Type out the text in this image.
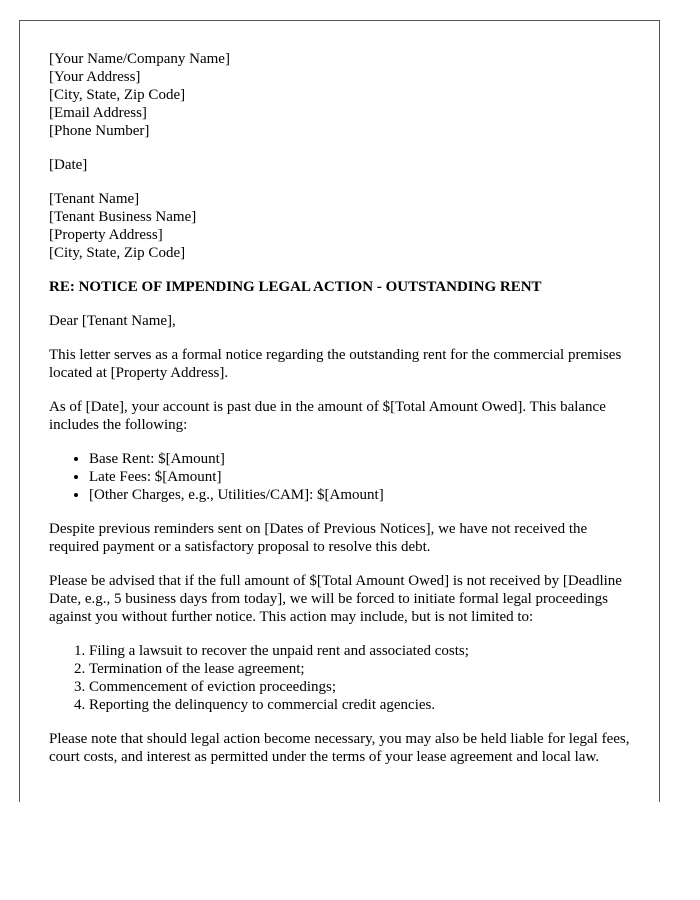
[Your Name/Company Name]
[Your Address]
[City, State, Zip Code]
[Email Address]
[Phone Number]
[Date]
[Tenant Name]
[Tenant Business Name]
[Property Address]
[City, State, Zip Code]
RE: NOTICE OF IMPENDING LEGAL ACTION - OUTSTANDING RENT

Dear [Tenant Name],

This letter serves as a formal notice regarding the outstanding rent for the commercial premises located at [Property Address].

As of [Date], your account is past due in the amount of $[Total Amount Owed]. This balance includes the following:

• Base Rent: $[Amount]
• Late Fees: $[Amount]
• [Other Charges, e.g., Utilities/CAM]: $[Amount]

Despite previous reminders sent on [Dates of Previous Notices], we have not received the required payment or a satisfactory proposal to resolve this debt.

Please be advised that if the full amount of $[Total Amount Owed] is not received by [Deadline Date, e.g., 5 business days from today], we will be forced to initiate formal legal proceedings against you without further notice. This action may include, but is not limited to:

1. Filing a lawsuit to recover the unpaid rent and associated costs;
2. Termination of the lease agreement;
3. Commencement of eviction proceedings;
4. Reporting the delinquency to commercial credit agencies.

Please note that should legal action become necessary, you may also be held liable for legal fees, court costs, and interest as permitted under the terms of your lease agreement and local law.
